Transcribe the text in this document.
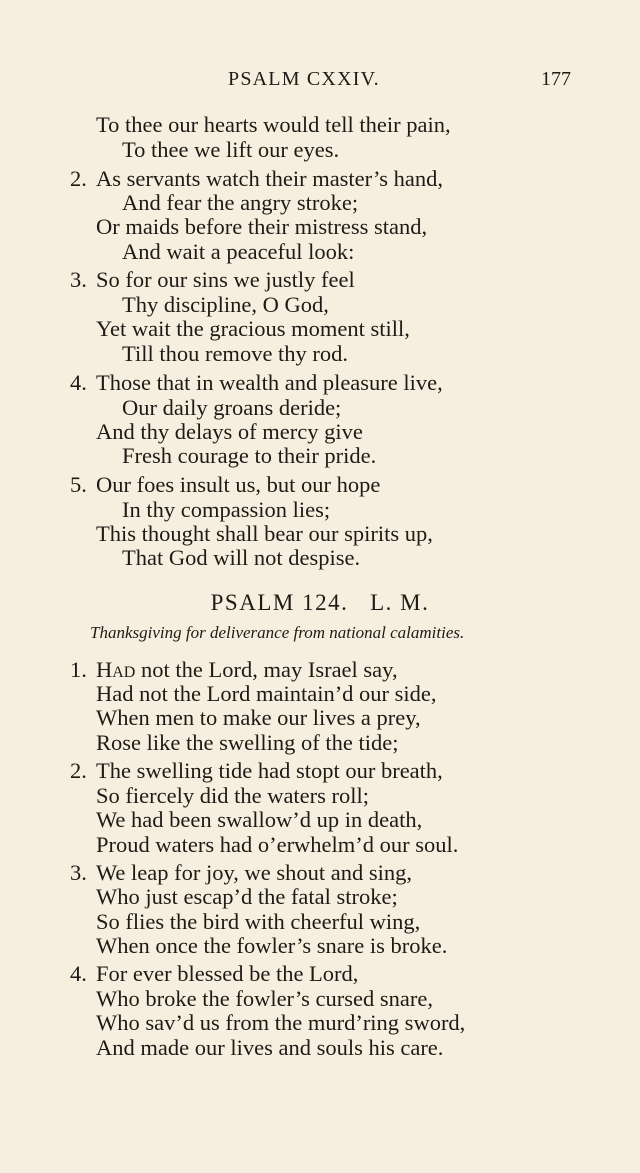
PSALM CXXIV.	177
To thee our hearts would tell their pain,
To thee we lift our eyes.
2. As servants watch their master’s hand,
And fear the angry stroke;
Or maids before their mistress stand,
And wait a peaceful look:
3. So for our sins we justly feel
Thy discipline, O God,
Yet wait the gracious moment still,
Till thou remove thy rod.
4. Those that in wealth and pleasure live,
Our daily groans deride;
And thy delays of mercy give
Fresh courage to their pride.
5. Our foes insult us, but our hope
In thy compassion lies;
This thought shall bear our spirits up,
That God will not despise.
PSALM 124.   L. M.
Thanksgiving for deliverance from national calamities.
1. Had not the Lord, may Israel say,
Had not the Lord maintain’d our side,
When men to make our lives a prey,
Rose like the swelling of the tide;
2. The swelling tide had stopt our breath,
So fiercely did the waters roll;
We had been swallow’d up in death,
Proud waters had o’erwhelm’d our soul.
3. We leap for joy, we shout and sing,
Who just escap’d the fatal stroke;
So flies the bird with cheerful wing,
When once the fowler’s snare is broke.
4. For ever blessed be the Lord,
Who broke the fowler’s cursed snare,
Who sav’d us from the murd’ring sword,
And made our lives and souls his care.
